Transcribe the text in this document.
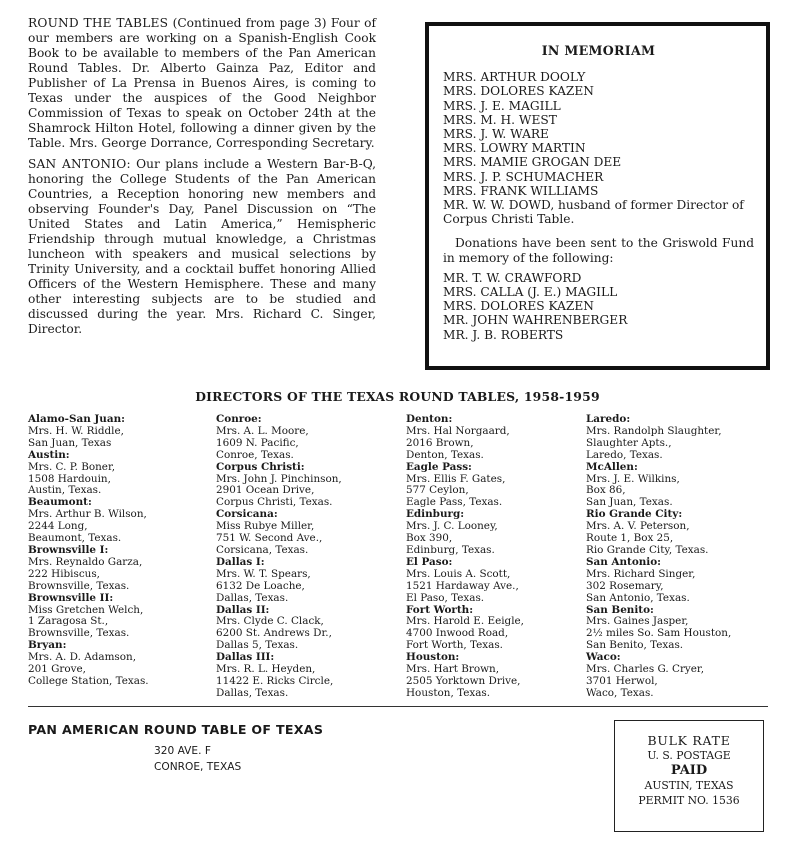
ROUND THE TABLES (Continued from page 3) Four of our members are working on a Spanish-English Cook Book to be available to members of the Pan American Round Tables. Dr. Alberto Gainza Paz, Editor and Publisher of La Prensa in Buenos Aires, is coming to Texas under the auspices of the Good Neighbor Commission of Texas to speak on October 24th at the Shamrock Hilton Hotel, following a dinner given by the Table. Mrs. George Dorrance, Corresponding Secretary.

SAN ANTONIO: Our plans include a Western Bar-B-Q, honoring the College Students of the Pan American Countries, a Reception honoring new members and observing Founder's Day, Panel Discussion on “The United States and Latin America,” Hemispheric Friendship through mutual knowledge, a Christmas luncheon with speakers and musical selections by Trinity University, and a cocktail buffet honoring Allied Officers of the Western Hemisphere. These and many other interesting subjects are to be studied and discussed during the year. Mrs. Richard C. Singer, Director.

IN MEMORIAM
MRS. ARTHUR DOOLY
MRS. DOLORES KAZEN
MRS. J. E. MAGILL
MRS. M. H. WEST
MRS. J. W. WARE
MRS. LOWRY MARTIN
MRS. MAMIE GROGAN DEE
MRS. J. P. SCHUMACHER
MRS. FRANK WILLIAMS
MR. W. W. DOWD, husband of former Director of Corpus Christi Table.
Donations have been sent to the Griswold Fund in memory of the following:
MR. T. W. CRAWFORD
MRS. CALLA (J. E.) MAGILL
MRS. DOLORES KAZEN
MR. JOHN WAHRENBERGER
MR. J. B. ROBERTS
DIRECTORS OF THE TEXAS ROUND TABLES, 1958-1959
Alamo-San Juan:
Mrs. H. W. Riddle,
San Juan, Texas
Austin:
Mrs. C. P. Boner,
1508 Hardouin,
Austin, Texas.
Beaumont:
Mrs. Arthur B. Wilson,
2244 Long,
Beaumont, Texas.
Brownsville I:
Mrs. Reynaldo Garza,
222 Hibiscus,
Brownsville, Texas.
Brownsville II:
Miss Gretchen Welch,
1 Zaragosa St.,
Brownsville, Texas.
Bryan:
Mrs. A. D. Adamson,
201 Grove,
College Station, Texas.
Conroe:
Mrs. A. L. Moore,
1609 N. Pacific,
Conroe, Texas.
Corpus Christi:
Mrs. John J. Pinchinson,
2901 Ocean Drive,
Corpus Christi, Texas.
Corsicana:
Miss Rubye Miller,
751 W. Second Ave.,
Corsicana, Texas.
Dallas I:
Mrs. W. T. Spears,
6132 De Loache,
Dallas, Texas.
Dallas II:
Mrs. Clyde C. Clack,
6200 St. Andrews Dr.,
Dallas 5, Texas.
Dallas III:
Mrs. R. L. Heyden,
11422 E. Ricks Circle,
Dallas, Texas.
Denton:
Mrs. Hal Norgaard,
2016 Brown,
Denton, Texas.
Eagle Pass:
Mrs. Ellis F. Gates,
577 Ceylon,
Eagle Pass, Texas.
Edinburg:
Mrs. J. C. Looney,
Box 390,
Edinburg, Texas.
El Paso:
Mrs. Louis A. Scott,
1521 Hardaway Ave.,
El Paso, Texas.
Fort Worth:
Mrs. Harold E. Eeigle,
4700 Inwood Road,
Fort Worth, Texas.
Houston:
Mrs. Hart Brown,
2505 Yorktown Drive,
Houston, Texas.
Laredo:
Mrs. Randolph Slaughter,
Slaughter Apts.,
Laredo, Texas.
McAllen:
Mrs. J. E. Wilkins,
Box 86,
San Juan, Texas.
Rio Grande City:
Mrs. A. V. Peterson,
Route 1, Box 25,
Rio Grande City, Texas.
San Antonio:
Mrs. Richard Singer,
302 Rosemary,
San Antonio, Texas.
San Benito:
Mrs. Gaines Jasper,
2½ miles So. Sam Houston,
San Benito, Texas.
Waco:
Mrs. Charles G. Cryer,
3701 Herwol,
Waco, Texas.
PAN AMERICAN ROUND TABLE OF TEXAS
320 AVE. F
CONROE, TEXAS
BULK RATE
U. S. POSTAGE
PAID
AUSTIN, TEXAS
PERMIT NO. 1536
